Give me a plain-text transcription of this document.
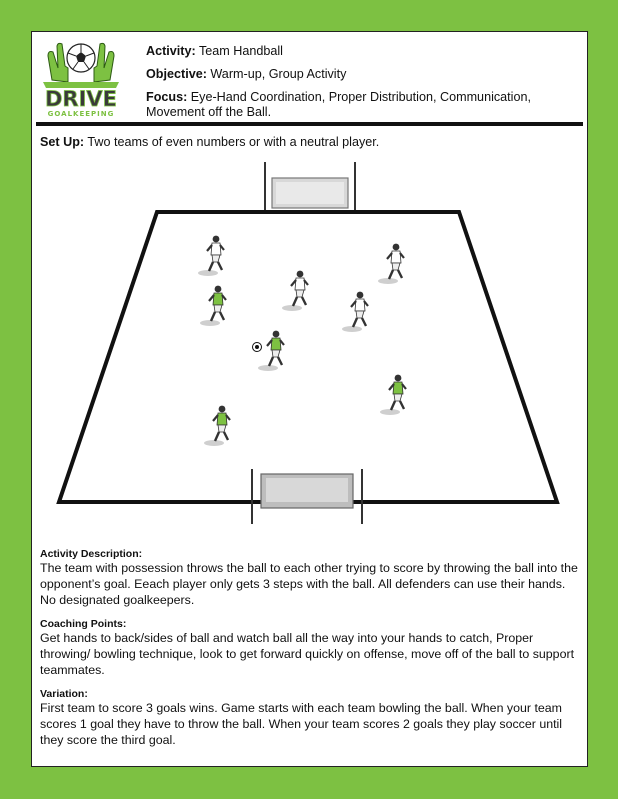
DRIVE
GOALKEEPING

Activity: Team Handball

Objective: Warm-up, Group Activity

Focus: Eye-Hand Coordination, Proper Distribution, Communication, Movement off the Ball.

Set Up: Two teams of even numbers or with a neutral player.
Activity Description:

The team with possession throws the ball to each other trying to score by throwing the ball into the opponent’s goal. Eeach player only gets 3 steps with the ball. All defenders can use their hands. No designated goalkeepers.

Coaching Points:

Get hands to back/sides of ball and watch ball all the way into your hands to catch, Proper throwing/ bowling technique, look to get forward quickly on offense, move off of the ball to support teammates.

Variation:

First team to score 3 goals wins. Game starts with each team bowling the ball. When your team scores 1 goal they have to throw the ball. When your team scores 2 goals they play soccer until they score the third goal.
